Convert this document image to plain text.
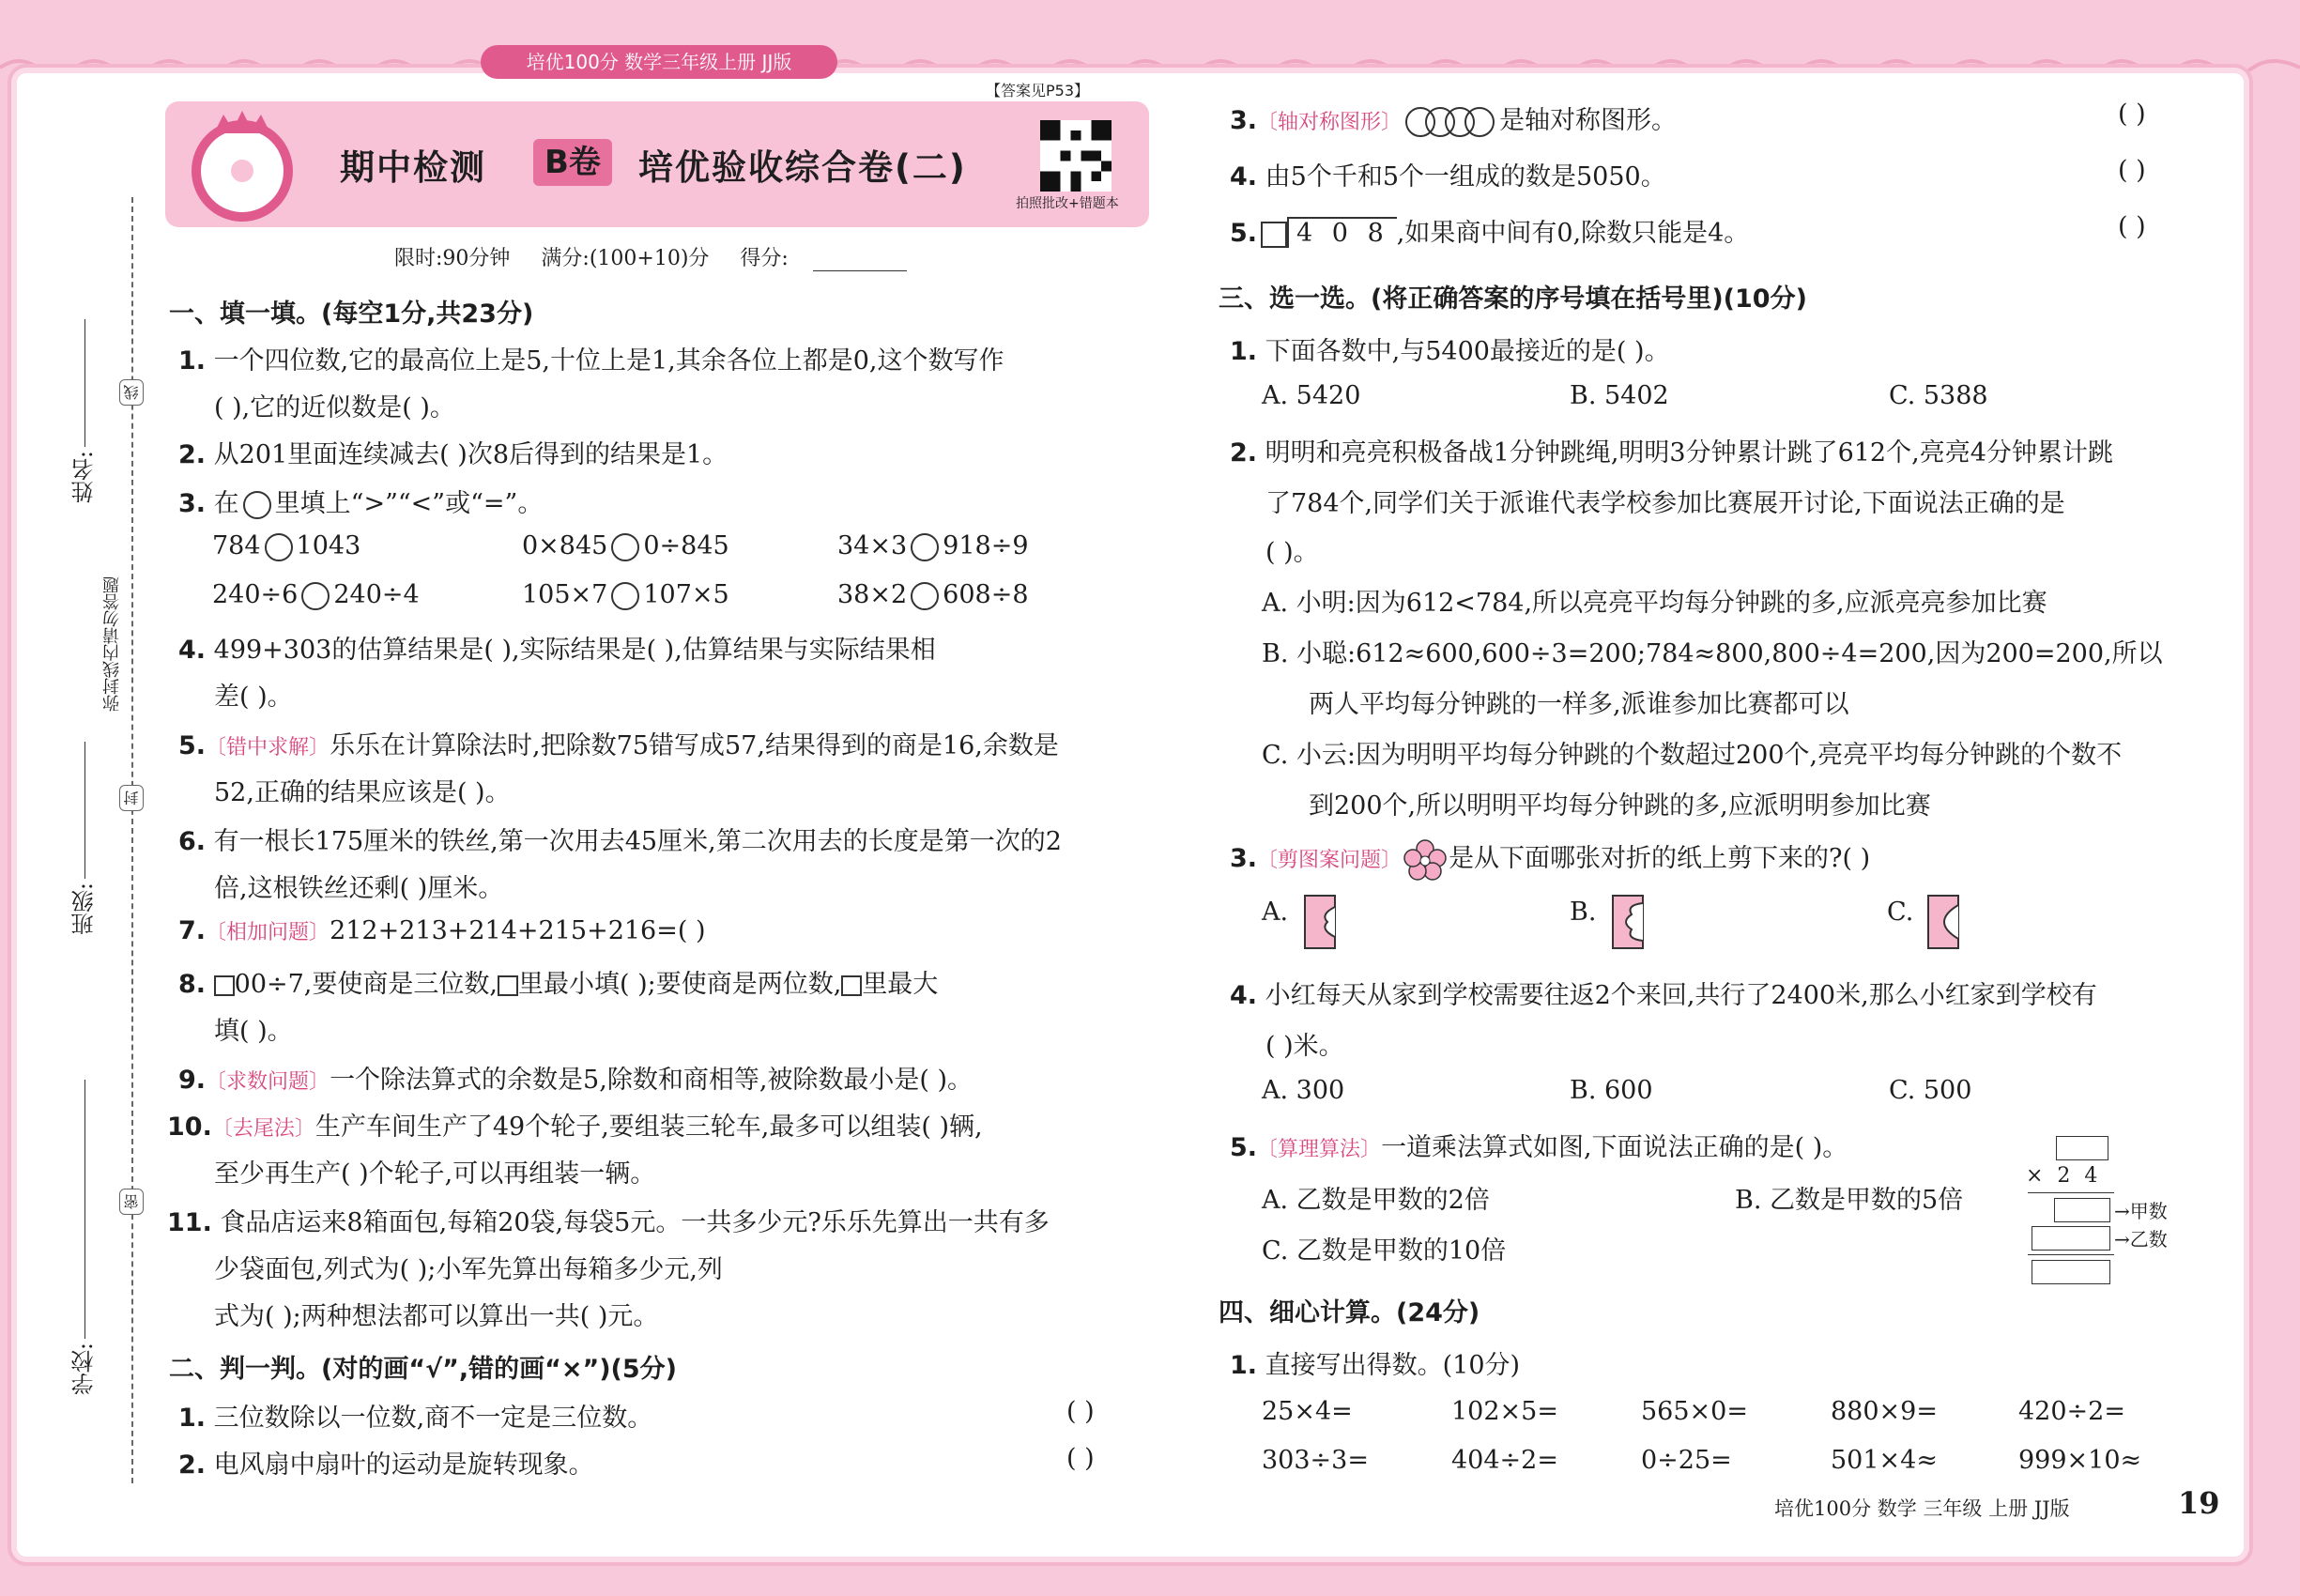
培优100分 数学三年级上册 JJ版
期中检测	B卷	培优验收综合卷(二)
【答案见P53】
拍照批改+错题本
限时:90分钟 满分:(100+10)分 得分:
姓名:
班级:
学校:
弥封线内请勿答题
线
封
密
一、填一填。(每空1分,共23分)
1. 一个四位数,它的最高位上是5,十位上是1,其余各位上都是0,这个数写作
( ),它的近似数是( )。
2. 从201里面连续减去( )次8后得到的结果是1。
3. 在 里填上“>”“<”或“=”。
784 1043	0×845 0÷845	34×3 918÷9
240÷6 240÷4	105×7 107×5	38×2 608÷8
4. 499+303的估算结果是( ),实际结果是( ),估算结果与实际结果相
差( )。
5.〔错中求解〕乐乐在计算除法时,把除数75错写成57,结果得到的商是16,余数是
52,正确的结果应该是( )。
6. 有一根长175厘米的铁丝,第一次用去45厘米,第二次用去的长度是第一次的2
倍,这根铁丝还剩( )厘米。
7.〔相加问题〕212+213+214+215+216=( )
8. 00÷7,要使商是三位数, 里最小填( );要使商是两位数, 里最大
填( )。
9.〔求数问题〕一个除法算式的余数是5,除数和商相等,被除数最小是( )。
10.〔去尾法〕生产车间生产了49个轮子,要组装三轮车,最多可以组装( )辆,
至少再生产( )个轮子,可以再组装一辆。
11. 食品店运来8箱面包,每箱20袋,每袋5元。一共多少元?乐乐先算出一共有多
少袋面包,列式为( );小军先算出每箱多少元,列
式为( );两种想法都可以算出一共( )元。
二、判一判。(对的画“√”,错的画“×”)(5分)
1. 三位数除以一位数,商不一定是三位数。	( )
2. 电风扇中扇叶的运动是旋转现象。	( )
3.〔轴对称图形〕	是轴对称图形。	( )
4. 由5个千和5个一组成的数是5050。	( )
5. 4 0 8 ,如果商中间有0,除数只能是4。	( )
三、选一选。(将正确答案的序号填在括号里)(10分)
1. 下面各数中,与5400最接近的是( )。
A. 5420	B. 5402	C. 5388
2. 明明和亮亮积极备战1分钟跳绳,明明3分钟累计跳了612个,亮亮4分钟累计跳
了784个,同学们关于派谁代表学校参加比赛展开讨论,下面说法正确的是
( )。
A. 小明:因为612<784,所以亮亮平均每分钟跳的多,应派亮亮参加比赛
B. 小聪:612≈600,600÷3=200;784≈800,800÷4=200,因为200=200,所以
两人平均每分钟跳的一样多,派谁参加比赛都可以
C. 小云:因为明明平均每分钟跳的个数超过200个,亮亮平均每分钟跳的个数不
到200个,所以明明平均每分钟跳的多,应派明明参加比赛
3.〔剪图案问题〕 是从下面哪张对折的纸上剪下来的?( )
A.	B.	C.
4. 小红每天从家到学校需要往返2个来回,共行了2400米,那么小红家到学校有
( )米。
A. 300	B. 600	C. 500
5.〔算理算法〕一道乘法算式如图,下面说法正确的是( )。
A. 乙数是甲数的2倍	B. 乙数是甲数的5倍
C. 乙数是甲数的10倍
× 2 4
→甲数
→乙数
四、细心计算。(24分)
1. 直接写出得数。(10分)
25×4=	102×5=	565×0=	880×9=	420÷2=
303÷3=	404÷2=	0÷25=	501×4≈	999×10≈
培优100分 数学 三年级 上册 JJ版	19
